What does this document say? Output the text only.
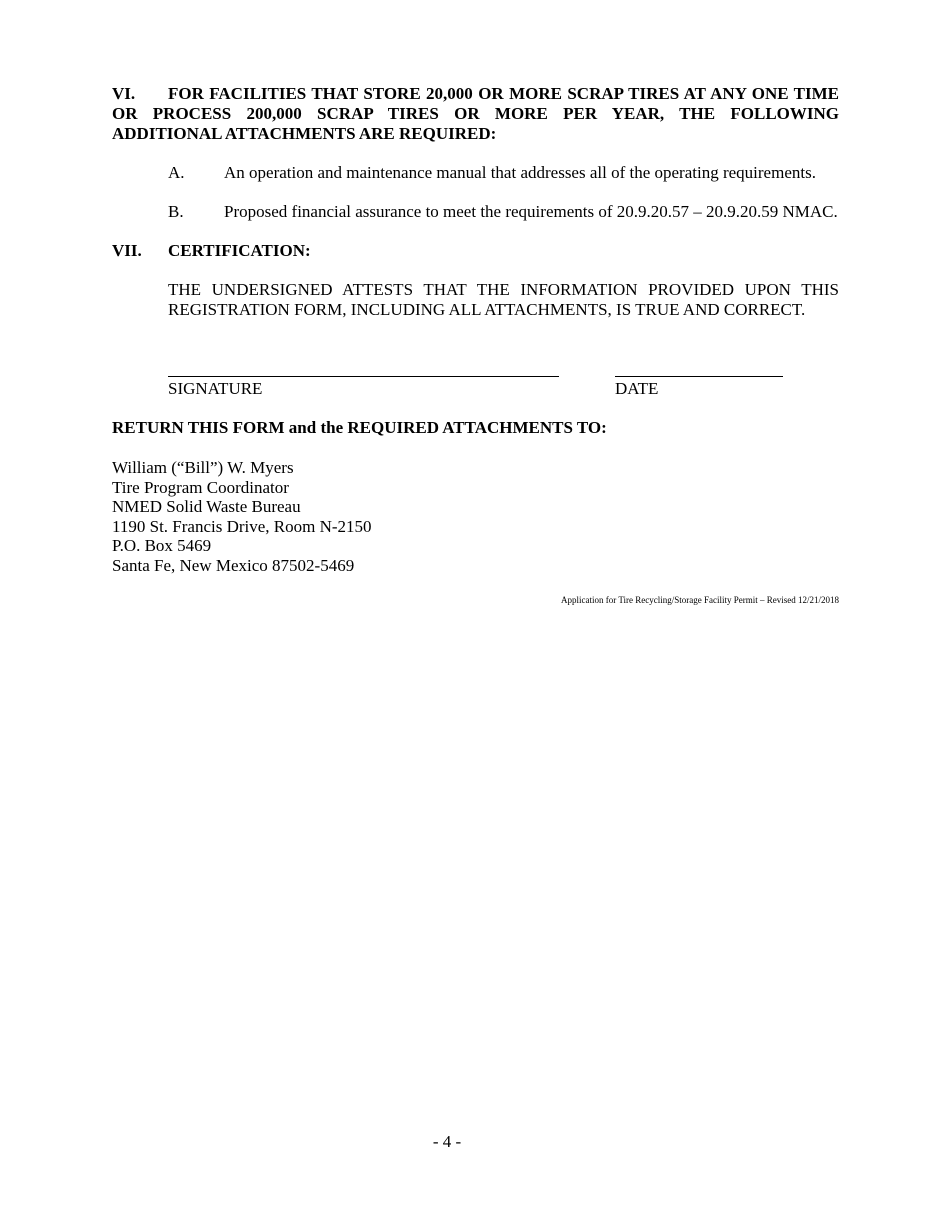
VI. FOR FACILITIES THAT STORE 20,000 OR MORE SCRAP TIRES AT ANY ONE TIME OR PROCESS 200,000 SCRAP TIRES OR MORE PER YEAR, THE FOLLOWING ADDITIONAL ATTACHMENTS ARE REQUIRED:
A. An operation and maintenance manual that addresses all of the operating requirements.
B. Proposed financial assurance to meet the requirements of 20.9.20.57 – 20.9.20.59 NMAC.
VII. CERTIFICATION:
THE UNDERSIGNED ATTESTS THAT THE INFORMATION PROVIDED UPON THIS REGISTRATION FORM, INCLUDING ALL ATTACHMENTS, IS TRUE AND CORRECT.
SIGNATURE	DATE
RETURN THIS FORM and the REQUIRED ATTACHMENTS TO:
William (“Bill”) W. Myers
Tire Program Coordinator
NMED Solid Waste Bureau
1190 St. Francis Drive, Room N-2150
P.O. Box 5469
Santa Fe, New Mexico 87502-5469
Application for Tire Recycling/Storage Facility Permit – Revised 12/21/2018
- 4 -
